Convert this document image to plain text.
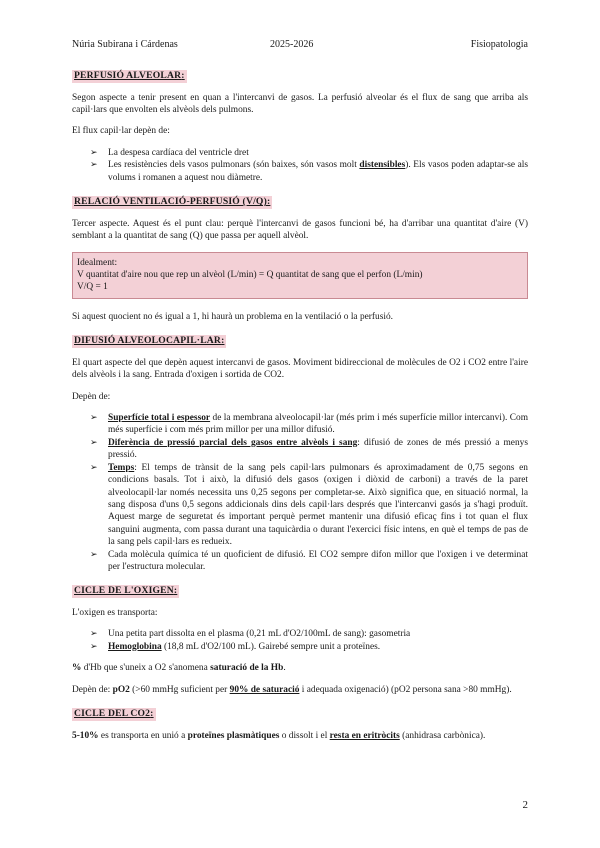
Núria Subirana i Cárdenas	2025-2026	Fisiopatologia
PERFUSIÓ ALVEOLAR:

Segon aspecte a tenir present en quan a l'intercanvi de gasos. La perfusió alveolar és el flux de sang que arriba als capil·lars que envolten els alvèols dels pulmons.

El flux capil·lar depèn de:

➢ La despesa cardíaca del ventricle dret
➢ Les resistències dels vasos pulmonars (són baixes, són vasos molt distensibles). Els vasos poden adaptar-se als volums i romanen a aquest nou diàmetre.
RELACIÓ VENTILACIÓ-PERFUSIÓ (V/Q):

Tercer aspecte. Aquest és el punt clau: perquè l'intercanvi de gasos funcioni bé, ha d'arribar una quantitat d'aire (V) semblant a la quantitat de sang (Q) que passa per aquell alvèol.

Idealment:
V quantitat d'aire nou que rep un alvèol (L/min) = Q quantitat de sang que el perfon (L/min)
V/Q = 1

Si aquest quocient no és igual a 1, hi haurà un problema en la ventilació o la perfusió.

DIFUSIÓ ALVEOLOCAPIL·LAR:

El quart aspecte del que depèn aquest intercanvi de gasos. Moviment bidireccional de molècules de O2 i CO2 entre l'aire dels alvèols i la sang. Entrada d'oxigen i sortida de CO2.

Depèn de:

➢ Superfície total i espessor de la membrana alveolocapil·lar (més prim i més superfície millor intercanvi). Com més superfície i com més prim millor per una millor difusió.
➢ Diferència de pressió parcial dels gasos entre alvèols i sang: difusió de zones de més pressió a menys pressió.
➢ Temps: El temps de trànsit de la sang pels capil·lars pulmonars és aproximadament de 0,75 segons en condicions basals. Tot i això, la difusió dels gasos (oxigen i diòxid de carboni) a través de la paret alveolocapil·lar només necessita uns 0,25 segons per completar-se. Això significa que, en situació normal, la sang disposa d'uns 0,5 segons addicionals dins dels capil·lars després que l'intercanvi gasós ja s'hagi produït. Aquest marge de seguretat és important perquè permet mantenir una difusió eficaç fins i tot quan el flux sanguini augmenta, com passa durant una taquicàrdia o durant l'exercici físic intens, en què el temps de pas de la sang pels capil·lars es redueix.
➢ Cada molècula química té un quoficient de difusió. El CO2 sempre difon millor que l'oxigen i ve determinat per l'estructura molecular.
CICLE DE L'OXIGEN:

L'oxigen es transporta:

➢ Una petita part dissolta en el plasma (0,21 mL d'O2/100mL de sang): gasometria
➢ Hemoglobina (18,8 mL d'O2/100 mL). Gairebé sempre unit a proteïnes.

% d'Hb que s'uneix a O2 s'anomena saturació de la Hb.

Depèn de: pO2 (>60 mmHg suficient per 90% de saturació i adequada oxigenació) (pO2 persona sana >80 mmHg).

CICLE DEL CO2:

5-10% es transporta en unió a proteïnes plasmàtiques o dissolt i el resta en eritròcits (anhidrasa carbònica).

2
